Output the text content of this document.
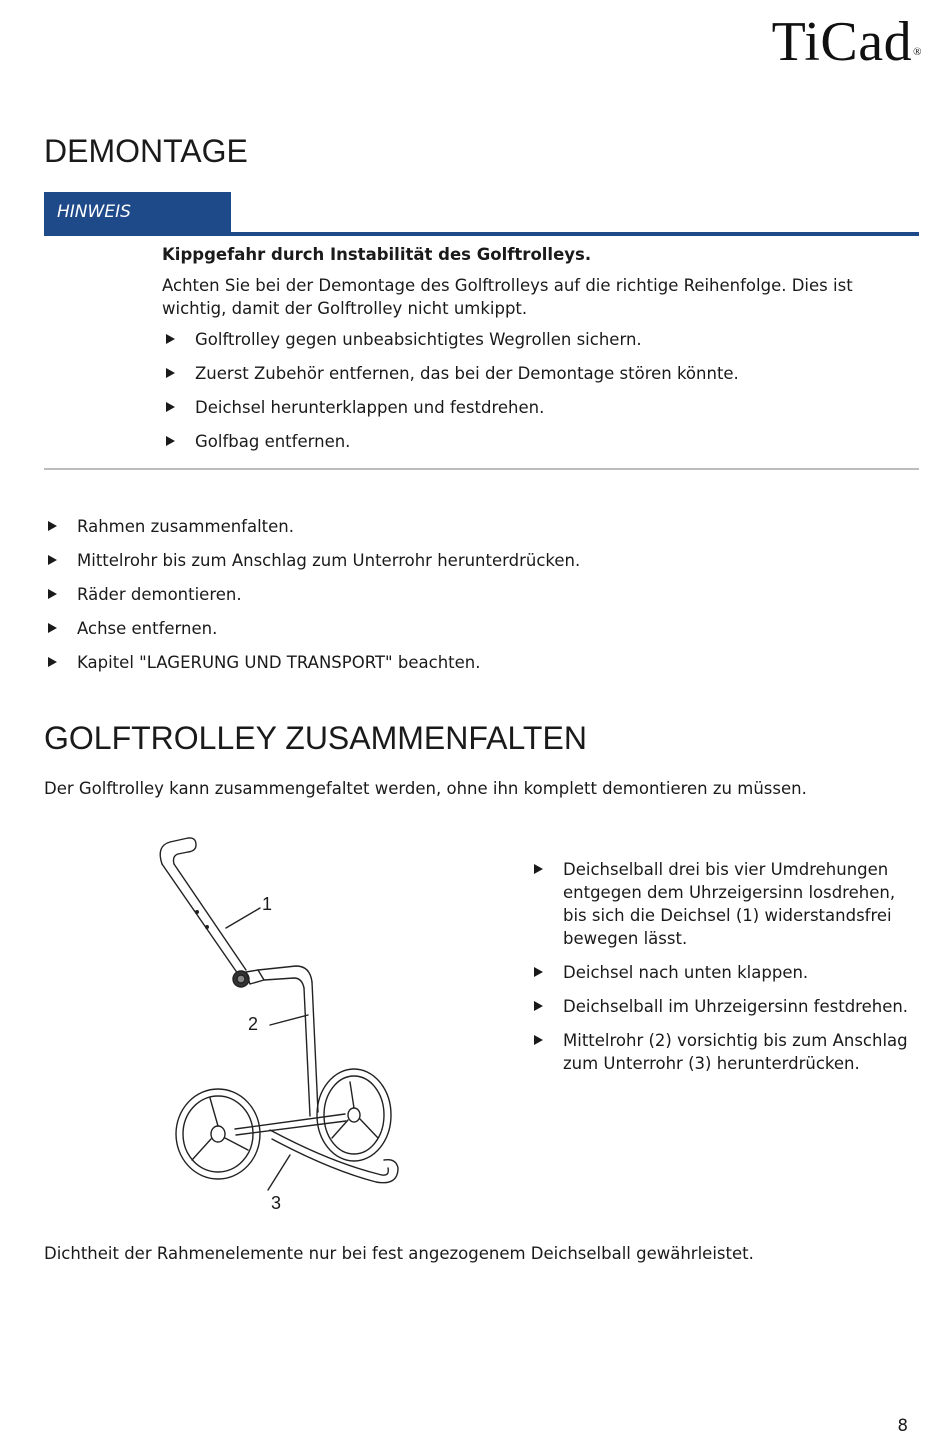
TiCad®
DEMONTAGE
HINWEIS

Kippgefahr durch Instabilität des Golftrolleys.

Achten Sie bei der Demontage des Golftrolleys auf die richtige Reihenfolge. Dies ist wichtig, damit der Golftrolley nicht umkippt.

Golftrolley gegen unbeabsichtigtes Wegrollen sichern.
Zuerst Zubehör entfernen, das bei der Demontage stören könnte.
Deichsel herunterklappen und festdrehen.
Golfbag entfernen.
Rahmen zusammenfalten.
Mittelrohr bis zum Anschlag zum Unterrohr herunterdrücken.
Räder demontieren.
Achse entfernen.
Kapitel "LAGERUNG UND TRANSPORT" beachten.
GOLFTROLLEY ZUSAMMENFALTEN

Der Golftrolley kann zusammengefaltet werden, ohne ihn komplett demontieren zu müssen.

1
2
3
Deichselball drei bis vier Umdrehungen entgegen dem Uhrzeigersinn losdrehen, bis sich die Deichsel (1) widerstandsfrei bewegen lässt.
Deichsel nach unten klappen.
Deichselball im Uhrzeigersinn festdrehen.
Mittelrohr (2) vorsichtig bis zum Anschlag zum Unterrohr (3) herunterdrücken.

Dichtheit der Rahmenelemente nur bei fest angezogenem Deichselball gewährleistet.

8
